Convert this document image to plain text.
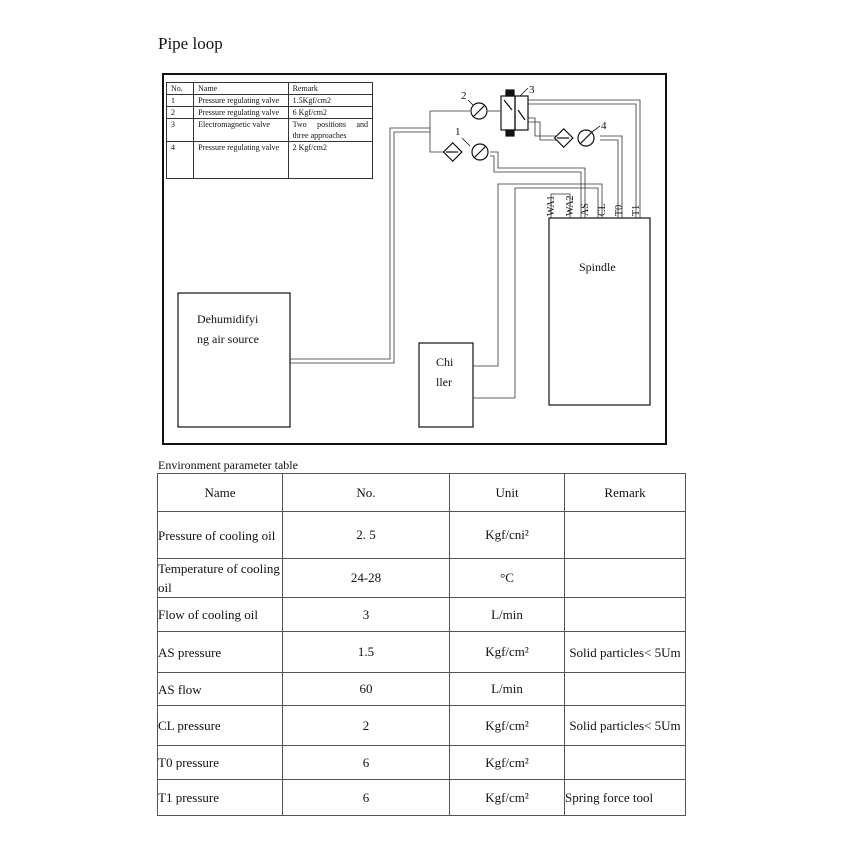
Pipe loop
2
1
3
4
WA1 WA2 AS CL T0 T1
Dehumidifyi
ng air source
Chi
ller
Spindle
No.	Name	Remark
1	Pressure regulating valve	1.5Kgf/cm2
2	Pressure regulating valve	6 Kgf/cm2
3	Electromagnetic valve	Two positions and three approaches
4	Pressure regulating valve	2 Kgf/cm2
Environment parameter table
Name	No.	Unit	Remark
Pressure of cooling oil	2. 5	Kgf/cni²	
Temperature of cooling oil	24-28	°C	
Flow of cooling oil	3	L/min	
AS pressure	1.5	Kgf/cm²	Solid particles< 5Um
AS flow	60	L/min	
CL pressure	2	Kgf/cm²	Solid particles< 5Um
T0 pressure	6	Kgf/cm²	
T1 pressure	6	Kgf/cm²	Spring force tool
